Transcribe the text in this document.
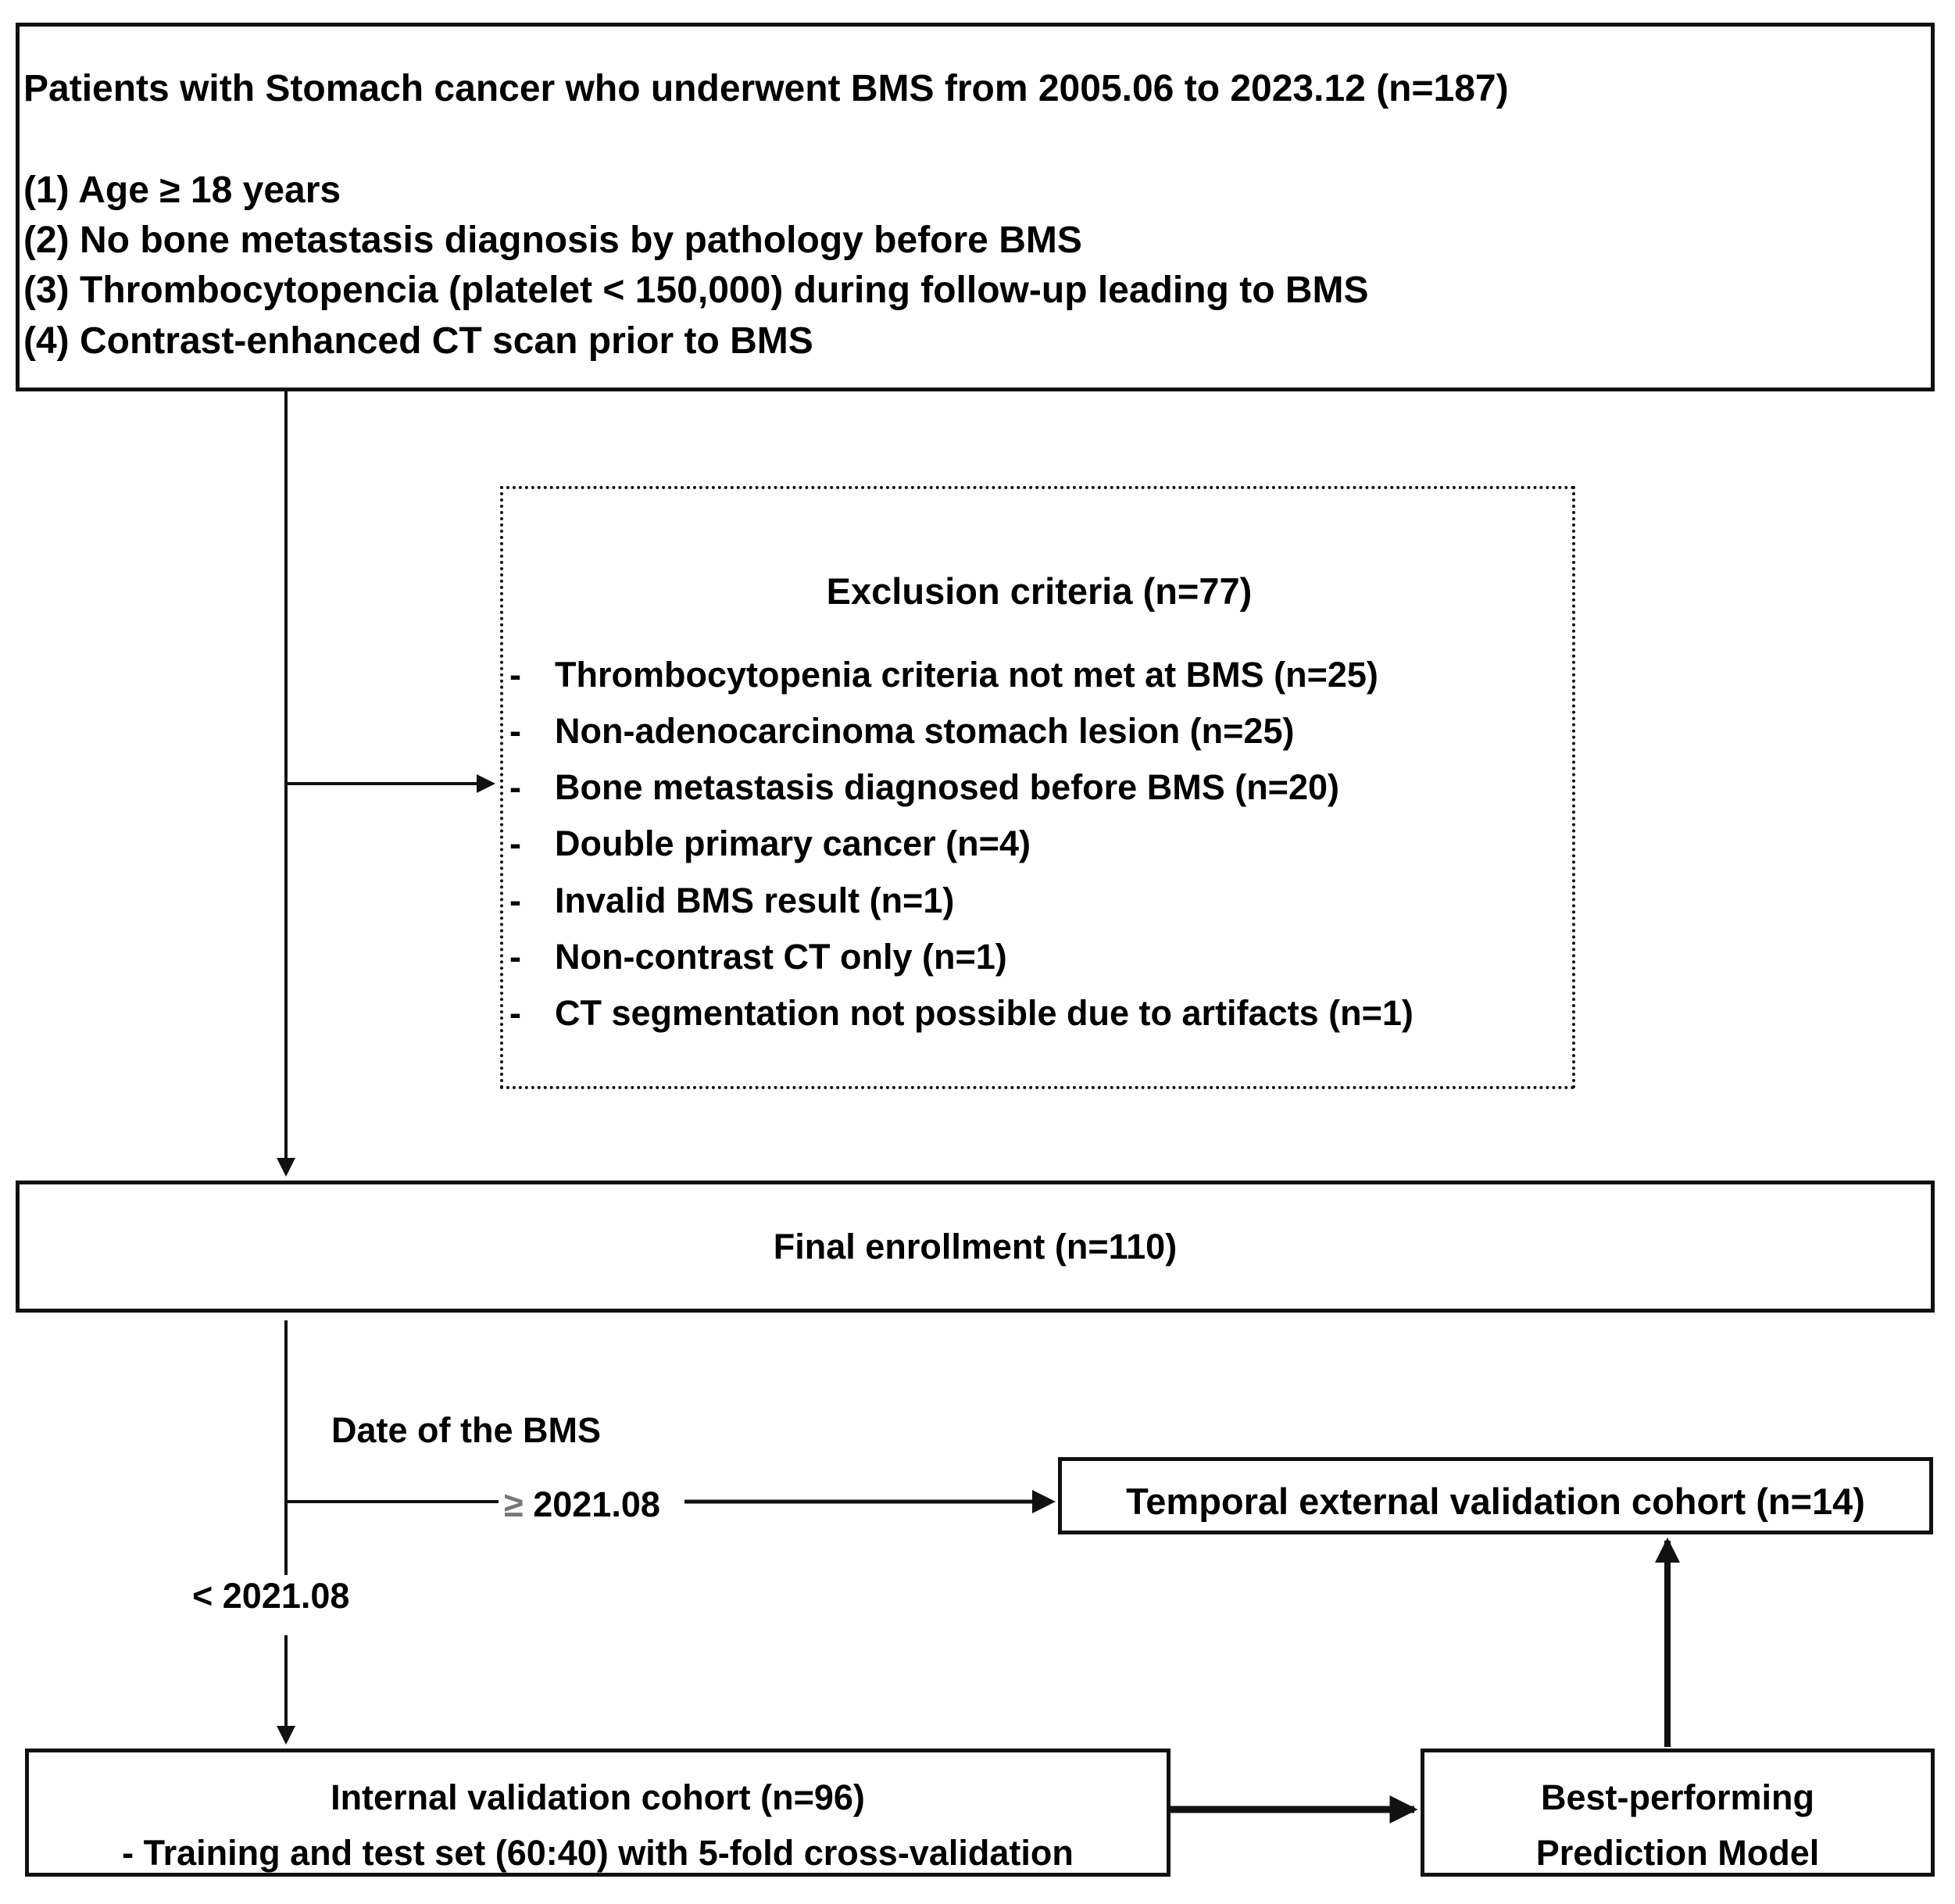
Patients with Stomach cancer who underwent BMS from 2005.06 to 2023.12 (n=187)
(1) Age ≥ 18 years
(2) No bone metastasis diagnosis by pathology before BMS
(3) Thrombocytopencia (platelet < 150,000) during follow-up leading to BMS
(4) Contrast-enhanced CT scan prior to BMS
Exclusion criteria (n=77)
- Thrombocytopenia criteria not met at BMS (n=25)
- Non-adenocarcinoma stomach lesion (n=25)
- Bone metastasis diagnosed before BMS (n=20)
- Double primary cancer (n=4)
- Invalid BMS result (n=1)
- Non-contrast CT only (n=1)
- CT segmentation not possible due to artifacts (n=1)
Final enrollment (n=110)
Date of the BMS
≥ 2021.08
< 2021.08
Temporal external validation cohort (n=14)
Internal validation cohort (n=96)
- Training and test set (60:40) with 5-fold cross-validation
Best-performing
Prediction Model
